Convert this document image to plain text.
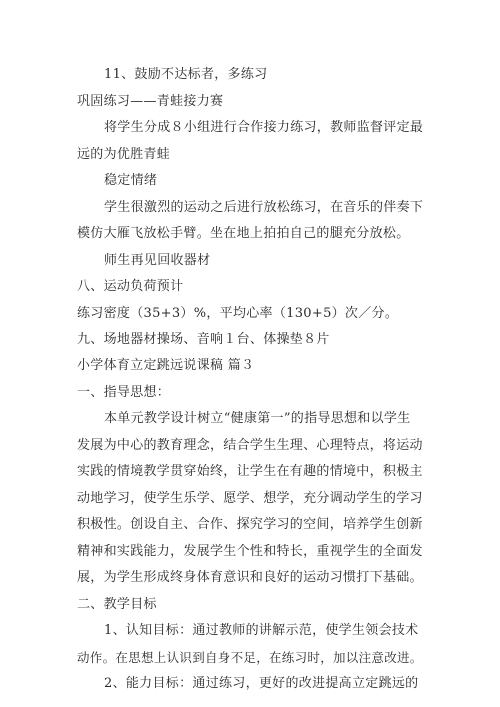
11、鼓励不达标者，多练习
巩固练习——青蛙接力赛
将学生分成８小组进行合作接力练习，教师监督评定最
远的为优胜青蛙
稳定情绪
学生很激烈的运动之后进行放松练习，在音乐的伴奏下
模仿大雁飞放松手臂。坐在地上拍拍自己的腿充分放松。
师生再见回收器材
八、运动负荷预计
练习密度（35+3）%，平均心率（130+5）次／分。
九、场地器材操场、音响１台、体操垫８片
小学体育立定跳远说课稿 篇３
一、指导思想：
本单元教学设计树立“健康第一”的指导思想和以学生
发展为中心的教育理念，结合学生生理、心理特点，将运动
实践的情境教学贯穿始终，让学生在有趣的情境中，积极主
动地学习，使学生乐学、愿学、想学，充分调动学生的学习
积极性。创设自主、合作、探究学习的空间，培养学生创新
精神和实践能力，发展学生个性和特长，重视学生的全面发
展，为学生形成终身体育意识和良好的运动习惯打下基础。
二、教学目标
1、认知目标：通过教师的讲解示范，使学生领会技术
动作。在思想上认识到自身不足，在练习时，加以注意改进。
2、能力目标：通过练习，更好的改进提高立定跳远的
